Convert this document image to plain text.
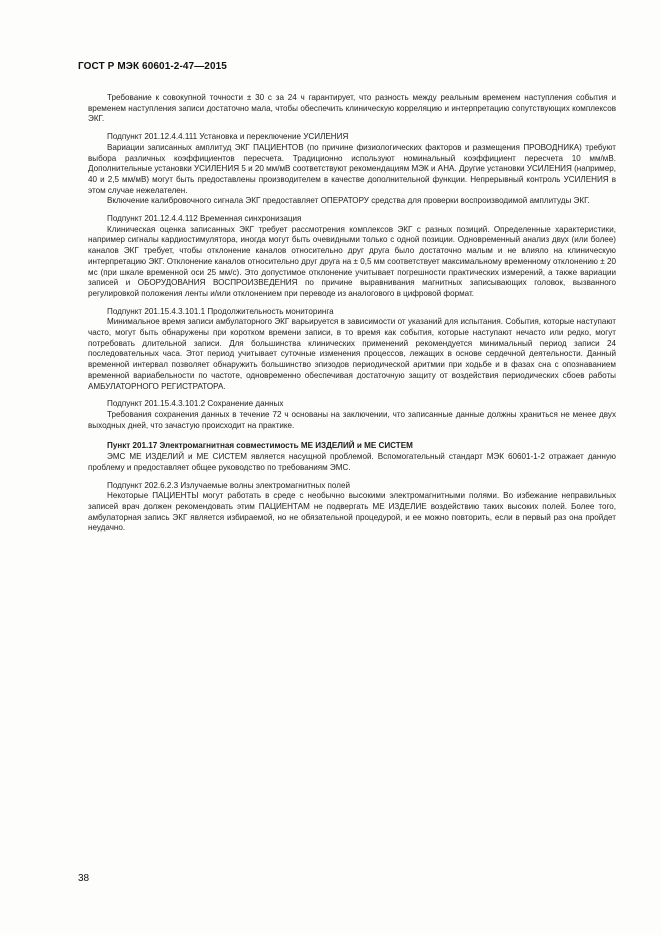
ГОСТ Р МЭК 60601-2-47—2015

Требование к совокупной точности ± 30 с за 24 ч гарантирует, что разность между реальным временем наступления события и временем наступления записи достаточно мала, чтобы обеспечить клиническую корреляцию и интерпретацию сопутствующих комплексов ЭКГ.

Подпункт 201.12.4.4.111 Установка и переключение УСИЛЕНИЯ

Вариации записанных амплитуд ЭКГ ПАЦИЕНТОВ (по причине физиологических факторов и размещения ПРОВОДНИКА) требуют выбора различных коэффициентов пересчета. Традиционно используют номинальный коэффициент пересчета 10 мм/мВ. Дополнительные установки УСИЛЕНИЯ 5 и 20 мм/мВ соответствуют рекомендациям МЭК и АНА. Другие установки УСИЛЕНИЯ (например, 40 и 2,5 мм/мВ) могут быть предоставлены производителем в качестве дополнительной функции. Непрерывный контроль УСИЛЕНИЯ в этом случае нежелателен.

Включение калибровочного сигнала ЭКГ предоставляет ОПЕРАТОРУ средства для проверки воспроизводимой амплитуды ЭКГ.

Подпункт 201.12.4.4.112 Временная синхронизация

Клиническая оценка записанных ЭКГ требует рассмотрения комплексов ЭКГ с разных позиций. Определенные характеристики, например сигналы кардиостимулятора, иногда могут быть очевидными только с одной позиции. Одновременный анализ двух (или более) каналов ЭКГ требует, чтобы отклонение каналов относительно друг друга было достаточно малым и не влияло на клиническую интерпретацию ЭКГ. Отклонение каналов относительно друг друга на ± 0,5 мм соответствует максимальному временному отклонению ± 20 мс (при шкале временной оси 25 мм/с). Это допустимое отклонение учитывает погрешности практических измерений, а также вариации записей и ОБОРУДОВАНИЯ ВОСПРОИЗВЕДЕНИЯ по причине выравнивания магнитных записывающих головок, вызванного регулировкой положения ленты и/или отклонением при переводе из аналогового в цифровой формат.

Подпункт 201.15.4.3.101.1 Продолжительность мониторинга

Минимальное время записи амбулаторного ЭКГ варьируется в зависимости от указаний для испытания. События, которые наступают часто, могут быть обнаружены при коротком времени записи, в то время как события, которые наступают нечасто или редко, могут потребовать длительной записи. Для большинства клинических применений рекомендуется минимальный период записи 24 последовательных часа. Этот период учитывает суточные изменения процессов, лежащих в основе сердечной деятельности. Данный временной интервал позволяет обнаружить большинство эпизодов периодической аритмии при ходьбе и в фазах сна с опознаванием временной вариабельности по частоте, одновременно обеспечивая достаточную защиту от воздействия периодических сбоев работы АМБУЛАТОРНОГО РЕГИСТРАТОРА.

Подпункт 201.15.4.3.101.2 Сохранение данных

Требования сохранения данных в течение 72 ч основаны на заключении, что записанные данные должны храниться не менее двух выходных дней, что зачастую происходит на практике.

Пункт 201.17 Электромагнитная совместимость МЕ ИЗДЕЛИЙ и МЕ СИСТЕМ

ЭМС МЕ ИЗДЕЛИЙ и МЕ СИСТЕМ является насущной проблемой. Вспомогательный стандарт МЭК 60601-1-2 отражает данную проблему и предоставляет общее руководство по требованиям ЭМС.

Подпункт 202.6.2.3 Излучаемые волны электромагнитных полей

Некоторые ПАЦИЕНТЫ могут работать в среде с необычно высокими электромагнитными полями. Во избежание неправильных записей врач должен рекомендовать этим ПАЦИЕНТАМ не подвергать МЕ ИЗДЕЛИЕ воздействию таких высоких полей. Более того, амбулаторная запись ЭКГ является избираемой, но не обязательной процедурой, и ее можно повторить, если в первый раз она пройдет неудачно.

38
